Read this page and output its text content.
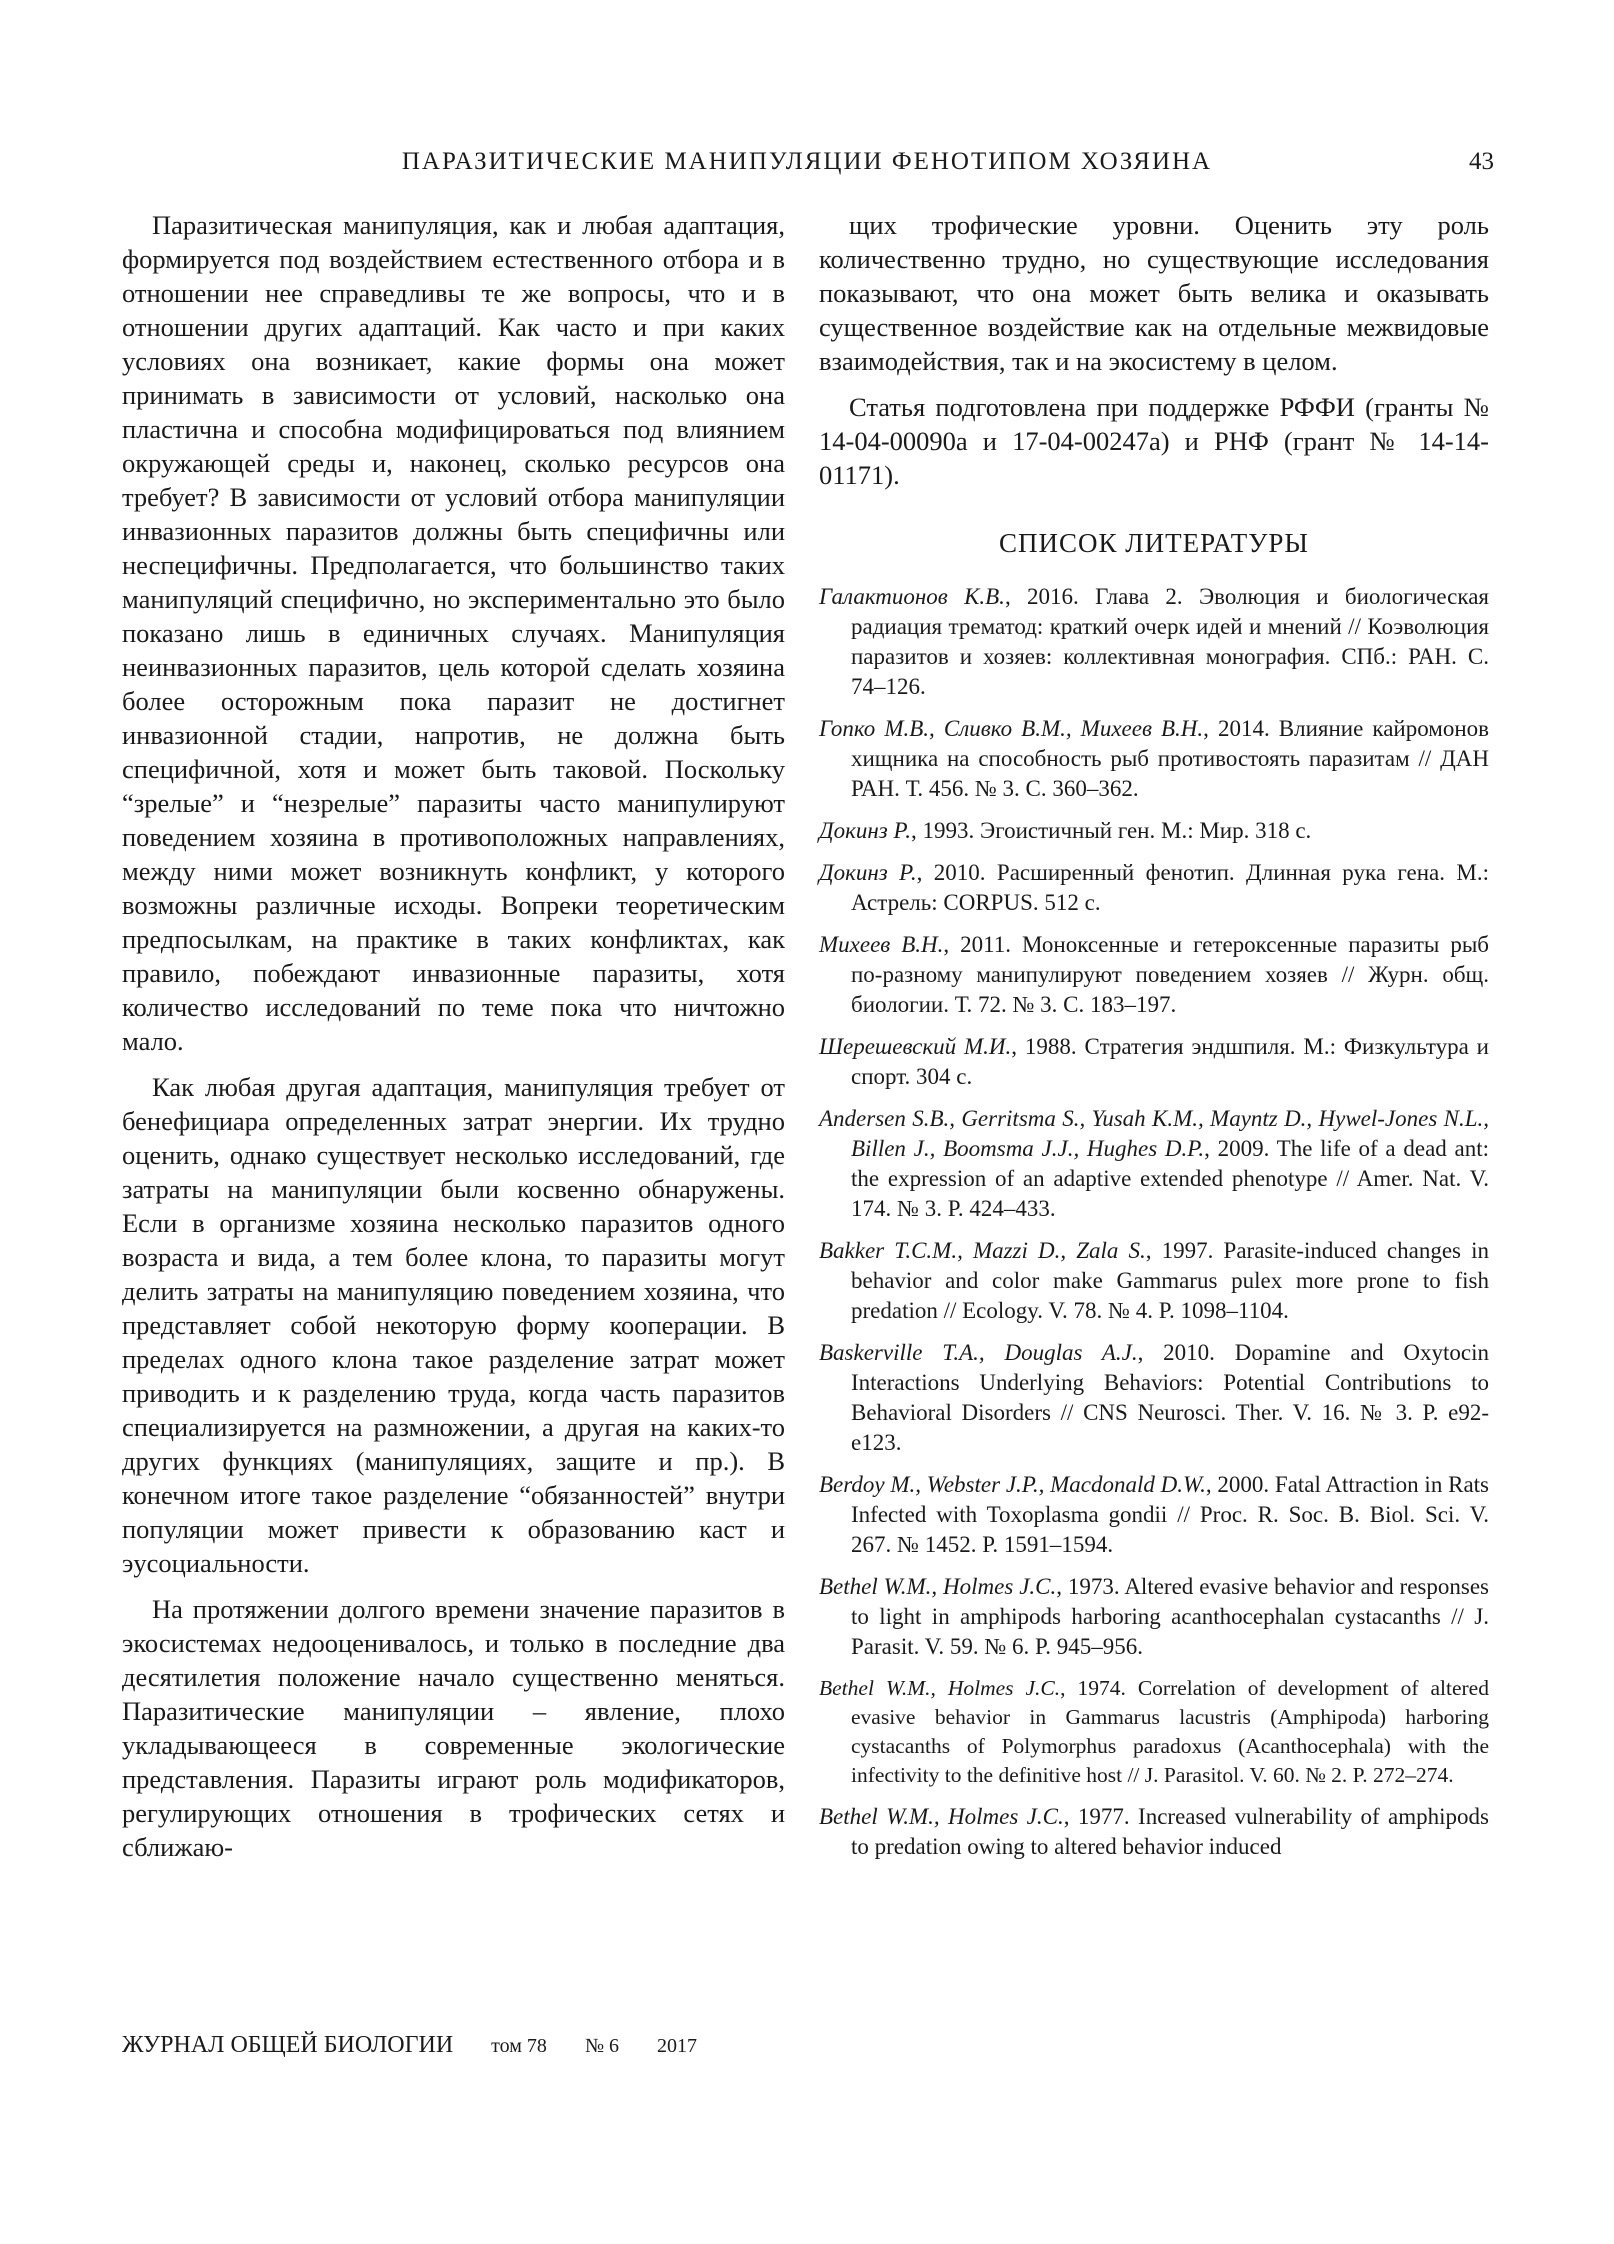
ПАРАЗИТИЧЕСКИЕ МАНИПУЛЯЦИИ ФЕНОТИПОМ ХОЗЯИНА	43

Паразитическая манипуляция, как и любая адаптация, формируется под воздействием естественного отбора и в отношении нее справедливы те же вопросы, что и в отношении других адаптаций. Как часто и при каких условиях она возникает, какие формы она может принимать в зависимости от условий, насколько она пластична и способна модифицироваться под влиянием окружающей среды и, наконец, сколько ресурсов она требует? В зависимости от условий отбора манипуляции инвазионных паразитов должны быть специфичны или неспецифичны. Предполагается, что большинство таких манипуляций специфично, но экспериментально это было показано лишь в единичных случаях. Манипуляция неинвазионных паразитов, цель которой сделать хозяина более осторожным пока паразит не достигнет инвазионной стадии, напротив, не должна быть специфичной, хотя и может быть таковой. Поскольку “зрелые” и “незрелые” паразиты часто манипулируют поведением хозяина в противоположных направлениях, между ними может возникнуть конфликт, у которого возможны различные исходы. Вопреки теоретическим предпосылкам, на практике в таких конфликтах, как правило, побеждают инвазионные паразиты, хотя количество исследований по теме пока что ничтожно мало.

Как любая другая адаптация, манипуляция требует от бенефициара определенных затрат энергии. Их трудно оценить, однако существует несколько исследований, где затраты на манипуляции были косвенно обнаружены. Если в организме хозяина несколько паразитов одного возраста и вида, а тем более клона, то паразиты могут делить затраты на манипуляцию поведением хозяина, что представляет собой некоторую форму кооперации. В пределах одного клона такое разделение затрат может приводить и к разделению труда, когда часть паразитов специализируется на размножении, а другая на каких-то других функциях (манипуляциях, защите и пр.). В конечном итоге такое разделение “обязанностей” внутри популяции может привести к образованию каст и эусоциальности.

На протяжении долгого времени значение паразитов в экосистемах недооценивалось, и только в последние два десятилетия положение начало существенно меняться. Паразитические манипуляции – явление, плохо укладывающееся в современные экологические представления. Паразиты играют роль модификаторов, регулирующих отношения в трофических сетях и сближаю-

щих трофические уровни. Оценить эту роль количественно трудно, но существующие исследования показывают, что она может быть велика и оказывать существенное воздействие как на отдельные межвидовые взаимодействия, так и на экосистему в целом.

Статья подготовлена при поддержке РФФИ (гранты № 14-04-00090а и 17-04-00247а) и РНФ (грант № 14-14-01171).

СПИСОК ЛИТЕРАТУРЫ
Галактионов К.В., 2016. Глава 2. Эволюция и биологическая радиация трематод: краткий очерк идей и мнений // Коэволюция паразитов и хозяев: коллективная монография. СПб.: РАН. С. 74–126.
Гопко М.В., Сливко В.М., Михеев В.Н., 2014. Влияние кайромонов хищника на способность рыб противостоять паразитам // ДАН РАН. Т. 456. № 3. С. 360–362.
Докинз Р., 1993. Эгоистичный ген. М.: Мир. 318 с.
Докинз Р., 2010. Расширенный фенотип. Длинная рука гена. М.: Астрель: CORPUS. 512 с.
Михеев В.Н., 2011. Моноксенные и гетероксенные паразиты рыб по-разному манипулируют поведением хозяев // Журн. общ. биологии. Т. 72. № 3. С. 183–197.
Шерешевский М.И., 1988. Стратегия эндшпиля. М.: Физкультура и спорт. 304 с.
Andersen S.B., Gerritsma S., Yusah K.M., Mayntz D., Hywel-Jones N.L., Billen J., Boomsma J.J., Hughes D.P., 2009. The life of a dead ant: the expression of an adaptive extended phenotype // Amer. Nat. V. 174. № 3. P. 424–433.
Bakker T.C.M., Mazzi D., Zala S., 1997. Parasite-induced changes in behavior and color make Gammarus pulex more prone to fish predation // Ecology. V. 78. № 4. P. 1098–1104.
Baskerville T.A., Douglas A.J., 2010. Dopamine and Oxytocin Interactions Underlying Behaviors: Potential Contributions to Behavioral Disorders // CNS Neurosci. Ther. V. 16. № 3. P. e92-e123.
Berdoy M., Webster J.P., Macdonald D.W., 2000. Fatal Attraction in Rats Infected with Toxoplasma gondii // Proc. R. Soc. B. Biol. Sci. V. 267. № 1452. P. 1591–1594.
Bethel W.M., Holmes J.C., 1973. Altered evasive behavior and responses to light in amphipods harboring acanthocephalan cystacanths // J. Parasit. V. 59. № 6. P. 945–956.
Bethel W.M., Holmes J.C., 1974. Correlation of development of altered evasive behavior in Gammarus lacustris (Amphipoda) harboring cystacanths of Polymorphus paradoxus (Acanthocephala) with the infectivity to the definitive host // J. Parasitol. V. 60. № 2. P. 272–274.
Bethel W.M., Holmes J.C., 1977. Increased vulnerability of amphipods to predation owing to altered behavior induced
ЖУРНАЛ ОБЩЕЙ БИОЛОГИИ том 78 № 6 2017
